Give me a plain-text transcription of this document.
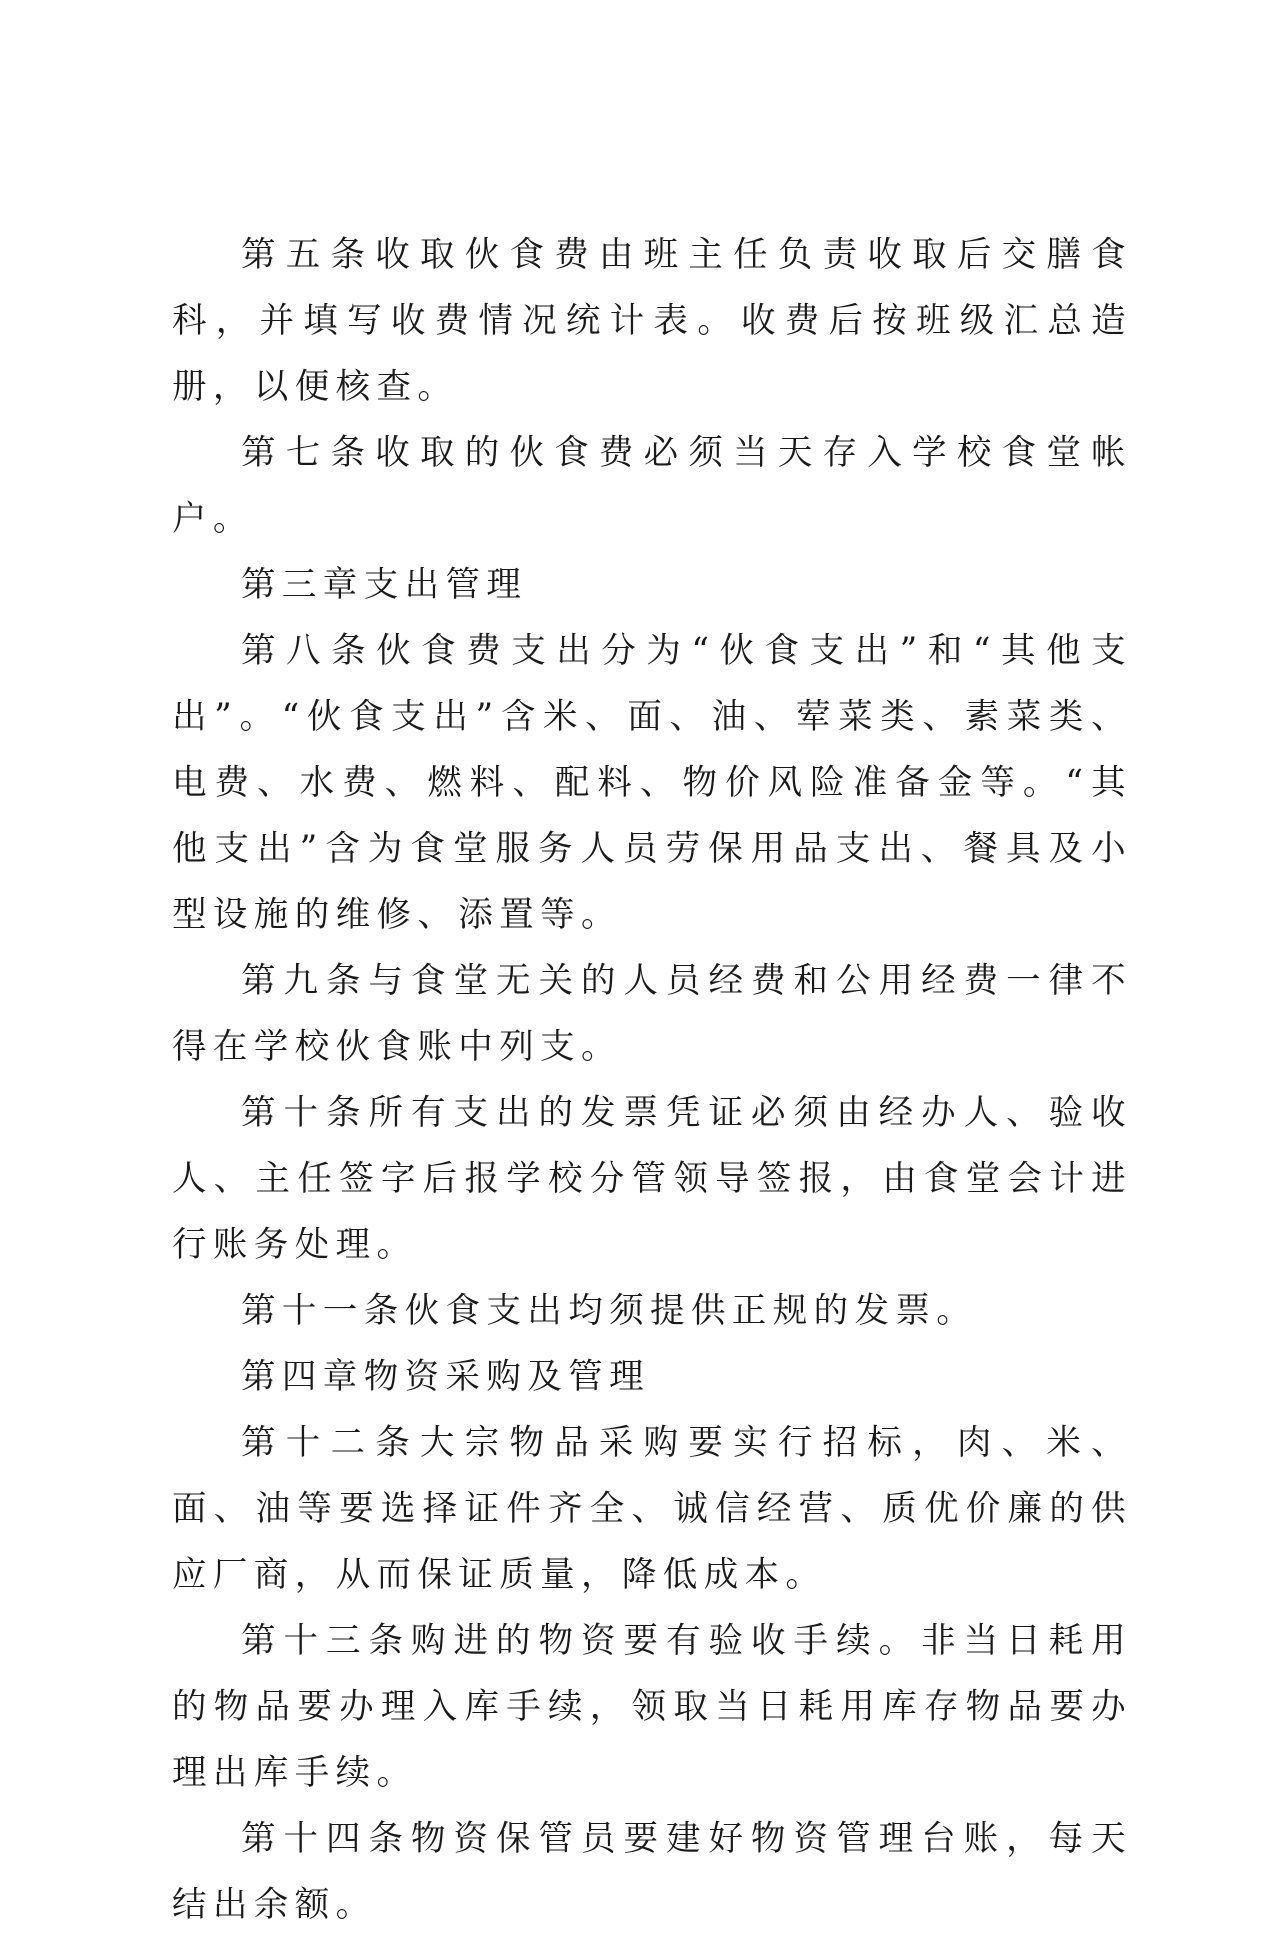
第五条收取伙食费由班主任负责收取后交膳食科，并填写收费情况统计表。收费后按班级汇总造册，以便核查。

第七条收取的伙食费必须当天存入学校食堂帐户。

第三章支出管理

第八条伙食费支出分为“伙食支出”和“其他支出”。“伙食支出”含米、面、油、荤菜类、素菜类、电费、水费、燃料、配料、物价风险准备金等。“其他支出”含为食堂服务人员劳保用品支出、餐具及小型设施的维修、添置等。

第九条与食堂无关的人员经费和公用经费一律不得在学校伙食账中列支。

第十条所有支出的发票凭证必须由经办人、验收人、主任签字后报学校分管领导签报，由食堂会计进行账务处理。

第十一条伙食支出均须提供正规的发票。

第四章物资采购及管理

第十二条大宗物品采购要实行招标，肉、米、面、油等要选择证件齐全、诚信经营、质优价廉的供应厂商，从而保证质量，降低成本。

第十三条购进的物资要有验收手续。非当日耗用的物品要办理入库手续，领取当日耗用库存物品要办理出库手续。

第十四条物资保管员要建好物资管理台账，每天结出余额。
